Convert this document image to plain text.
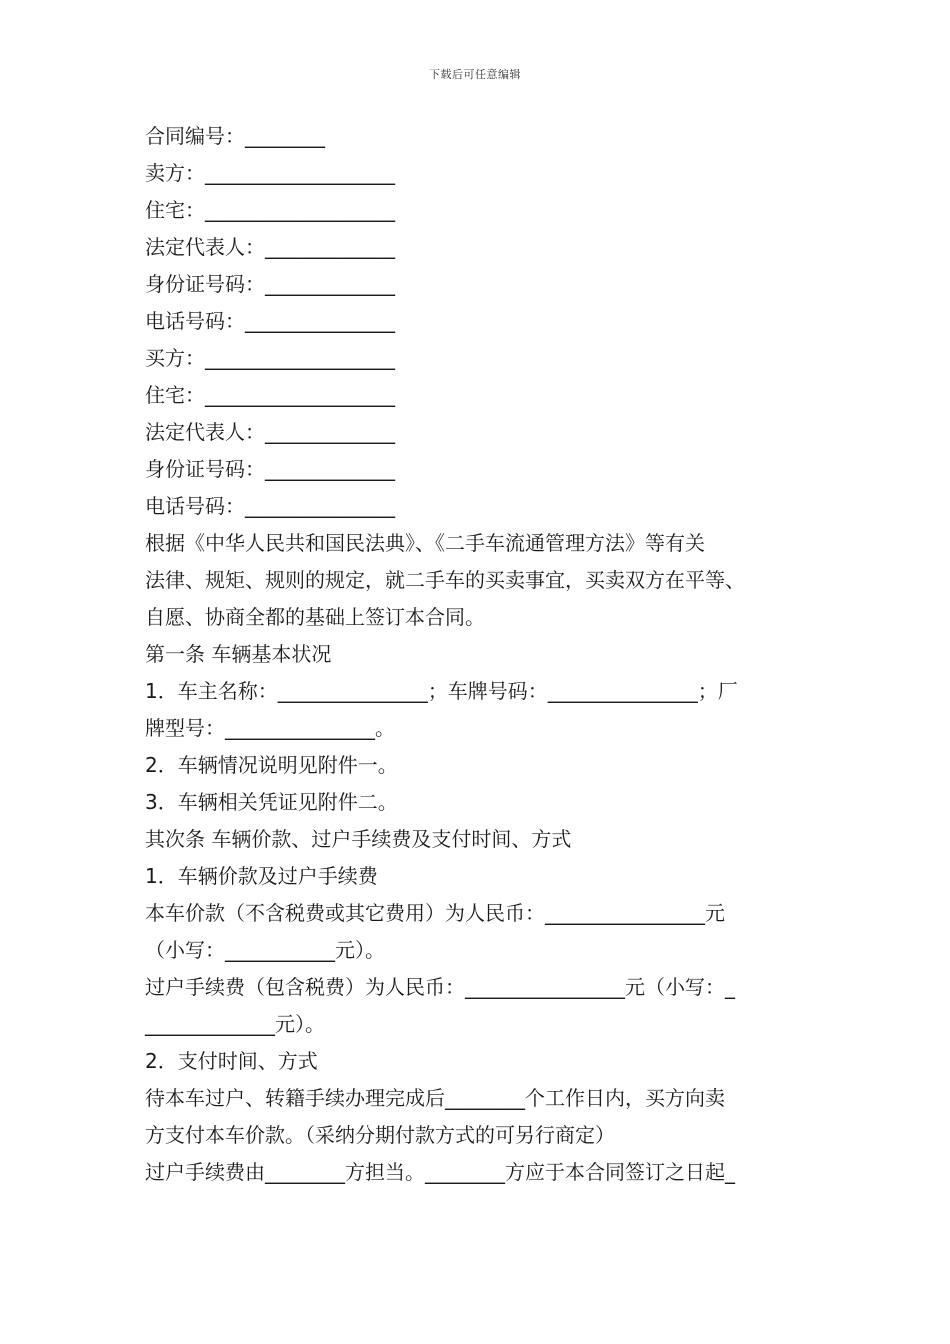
下载后可任意编辑
合同编号：________
卖方：___________________
住宅：___________________
法定代表人：_____________
身份证号码：_____________
电话号码：_______________
买方：___________________
住宅：___________________
法定代表人：_____________
身份证号码：_____________
电话号码：_______________
根据《中华人民共和国民法典》、《二手车流通管理方法》等有关
法律、规矩、规则的规定，就二手车的买卖事宜，买卖双方在平等、
自愿、协商全都的基础上签订本合同。
第一条 车辆基本状况
1．车主名称：_______________；车牌号码：_______________；厂
牌型号：_______________。
2．车辆情况说明见附件一。
3．车辆相关凭证见附件二。
其次条 车辆价款、过户手续费及支付时间、方式
1．车辆价款及过户手续费
本车价款（不含税费或其它费用）为人民币：________________元
（小写：___________元）。
过户手续费（包含税费）为人民币：________________元（小写：_
_____________元）。
2．支付时间、方式
待本车过户、转籍手续办理完成后________个工作日内，买方向卖
方支付本车价款。（采纳分期付款方式的可另行商定）
过户手续费由________方担当。________方应于本合同签订之日起_
